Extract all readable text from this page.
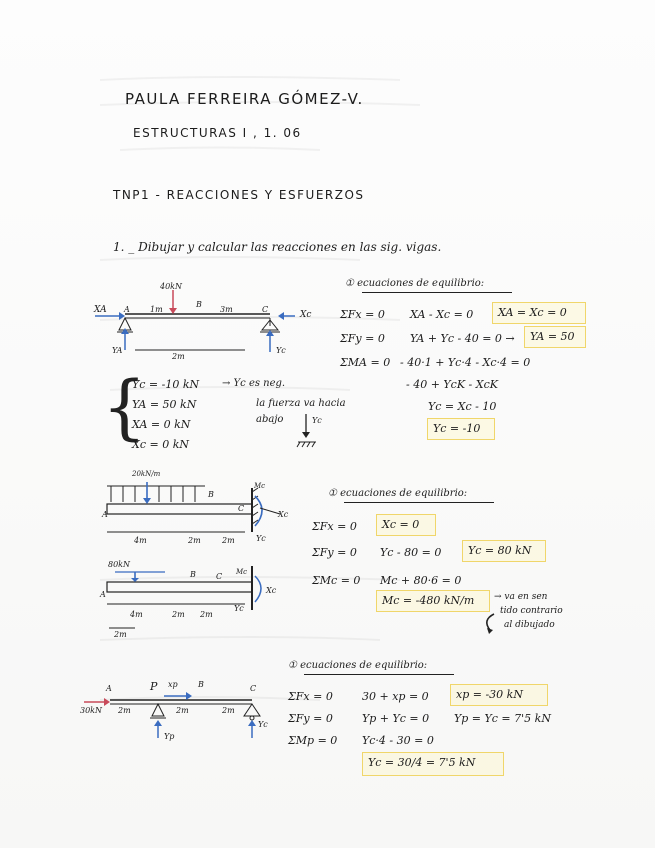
PAULA FERREIRA GÓMEZ-V.
ESTRUCTURAS I , 1. 06
TNP1 - REACCIONES Y ESFUERZOS
1. _ Dibujar y calcular las reacciones en las sig. vigas.
40kN
XA A	1m
B
3m	C
Xc
YA	Yc
2m
① ecuaciones de equilibrio:
ΣFx = 0 XA - Xc = 0 XA = Xc = 0
ΣFy = 0 YA + Yc - 40 = 0 → YA = 50
ΣMA = 0 - 40·1 + Yc·4 - Xc·4 = 0
- 40 + YcK - XcK
Yc = Xc - 10
Yc = -10
{
Yc = -10 kN
YA = 50 kN
XA = 0 kN
Xc = 0 kN
→ Yc es neg.
la fuerza va hacia
abajo	Yc
20kN/m
A
B
C
Mc
Xc
Yc
4m	2m	2m
80kN
A
B	C Mc
Xc
Yc
4m	2m 2m
2m
① ecuaciones de equilibrio:
ΣFx = 0 Xc = 0
ΣFy = 0 Yc - 80 = 0 Yc = 80 kN
ΣMc = 0 Mc + 80·6 = 0
Mc = -480 kN/m → va en sen
tido contrario
al dibujado
30kN
A	P xp	B	C
2m	2m	2m
Yp
Yc
① ecuaciones de equilibrio:
ΣFx = 0	30 + xp = 0 xp = -30 kN
ΣFy = 0	Yp + Yc = 0 Yp = Yc = 7'5 kN
ΣMp = 0 Yc·4 - 30 = 0
Yc = 30/4 = 7'5 kN
